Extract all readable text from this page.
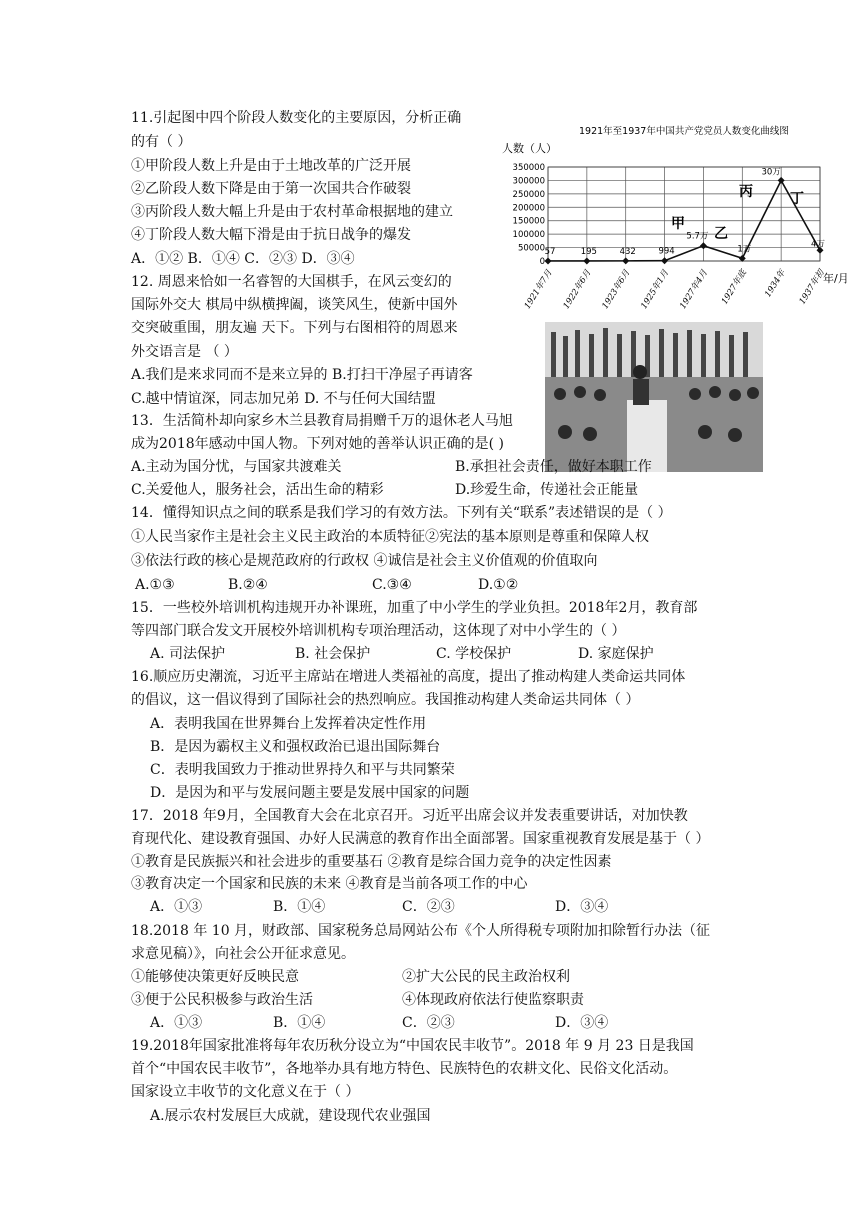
11.引起图中四个阶段人数变化的主要原因，分析正确
的有（ ）
①甲阶段人数上升是由于土地改革的广泛开展
②乙阶段人数下降是由于第一次国共合作破裂
③丙阶段人数大幅上升是由于农村革命根据地的建立
④丁阶段人数大幅下滑是由于抗日战争的爆发
A．①② B．①④ C．②③ D．③④
1921年至1937年中国共产党党员人数变化曲线图
人数（人）
年/月
0
50000
100000
150000
200000
250000
300000
350000
57	195	432	994
5.7万
1万
30万
4万
1921年7月 1922年6月 1923年6月 1925年1月 1927年4月 1927年底 1934年 1937年初
甲
乙
丙	丁
12. 周恩来恰如一名睿智的大国棋手，在风云变幻的
国际外交大 棋局中纵横捭阖，谈笑风生，使新中国外
交突破重围，朋友遍 天下。下列与右图相符的周恩来
外交语言是 （ ）
A.我们是来求同而不是来立异的 B.打扫干净屋子再请客
C.越中情谊深，同志加兄弟 D. 不与任何大国结盟
13．生活简朴却向家乡木兰县教育局捐赠千万的退休老人马旭
成为2018年感动中国人物。下列对她的善举认识正确的是( )
A.主动为国分忧，与国家共渡难关	B.承担社会责任，做好本职工作
C.关爱他人，服务社会，活出生命的精彩	D.珍爱生命，传递社会正能量
14．懂得知识点之间的联系是我们学习的有效方法。下列有关“联系”表述错误的是（ ）
①人民当家作主是社会主义民主政治的本质特征②宪法的基本原则是尊重和保障人权
③依法行政的核心是规范政府的行政权 ④诚信是社会主义价值观的价值取向
A.①③	B.②④	C.③④	D.①②
15．一些校外培训机构违规开办补课班，加重了中小学生的学业负担。2018年2月，教育部
等四部门联合发文开展校外培训机构专项治理活动，这体现了对中小学生的（ ）
A. 司法保护	B. 社会保护	C. 学校保护	D. 家庭保护
16.顺应历史潮流，习近平主席站在增进人类福祉的高度，提出了推动构建人类命运共同体
的倡议，这一倡议得到了国际社会的热烈响应。我国推动构建人类命运共同体（ ）
A．表明我国在世界舞台上发挥着决定性作用
B．是因为霸权主义和强权政治已退出国际舞台
C．表明我国致力于推动世界持久和平与共同繁荣
D．是因为和平与发展问题主要是发展中国家的问题
17．2018 年9月，全国教育大会在北京召开。习近平出席会议并发表重要讲话，对加快教
育现代化、建设教育强国、办好人民满意的教育作出全面部署。国家重视教育发展是基于（ ）
①教育是民族振兴和社会进步的重要基石 ②教育是综合国力竞争的决定性因素
③教育决定一个国家和民族的未来 ④教育是当前各项工作的中心
A．①③	B．①④	C．②③	D．③④
18.2018 年 10 月，财政部、国家税务总局网站公布《个人所得税专项附加扣除暂行办法（征
求意见稿）》，向社会公开征求意见。
①能够使决策更好反映民意	②扩大公民的民主政治权利
③便于公民积极参与政治生活	④体现政府依法行使监察职责
A．①③	B．①④	C．②③	D．③④
19.2018年国家批准将每年农历秋分设立为“中国农民丰收节”。2018 年 9 月 23 日是我国
首个“中国农民丰收节”，各地举办具有地方特色、民族特色的农耕文化、民俗文化活动。
国家设立丰收节的文化意义在于（ ）
A.展示农村发展巨大成就，建设现代农业强国
